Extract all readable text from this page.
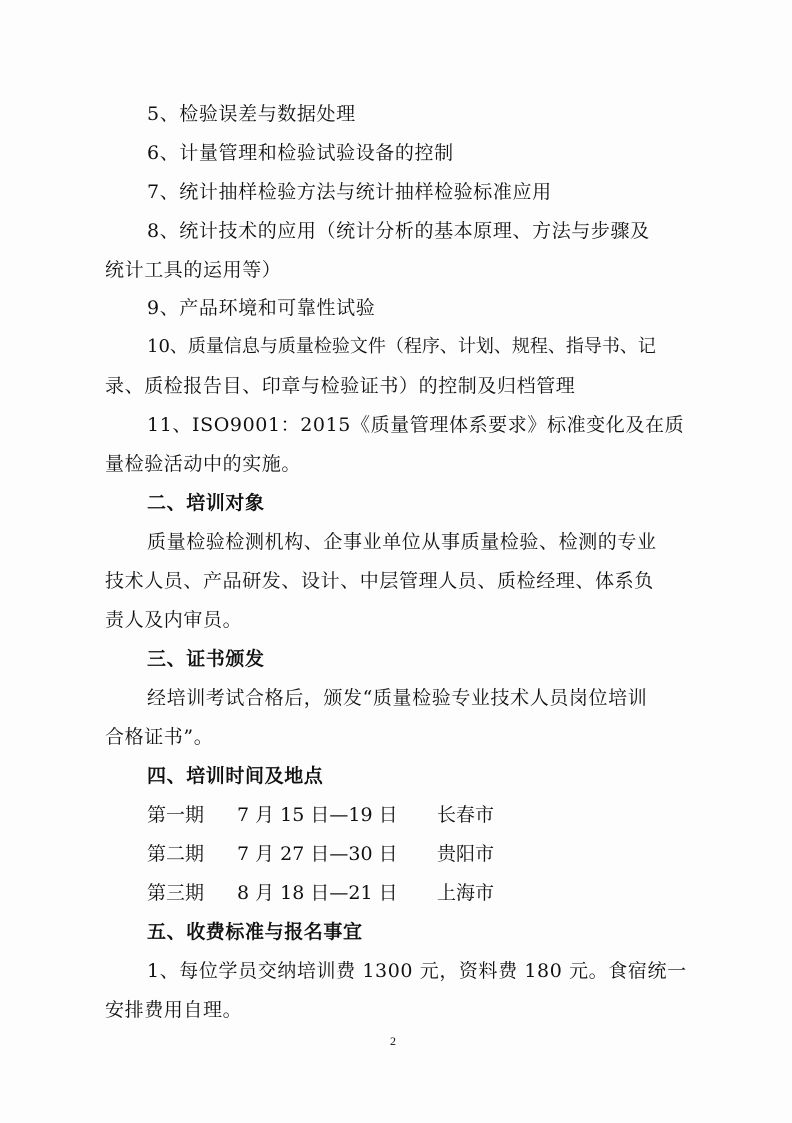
5、检验误差与数据处理
6、计量管理和检验试验设备的控制
7、统计抽样检验方法与统计抽样检验标准应用
8、统计技术的应用（统计分析的基本原理、方法与步骤及
统计工具的运用等）
9、产品环境和可靠性试验
10、质量信息与质量检验文件（程序、计划、规程、指导书、记
录、质检报告目、印章与检验证书）的控制及归档管理
11、ISO9001：2015《质量管理体系要求》标准变化及在质
量检验活动中的实施。
二、培训对象
质量检验检测机构、企事业单位从事质量检验、检测的专业
技术人员、产品研发、设计、中层管理人员、质检经理、体系负
责人及内审员。
三、证书颁发
经培训考试合格后，颁发“质量检验专业技术人员岗位培训
合格证书”。
四、培训时间及地点
第一期 7 月 15 日—19 日 长春市
第二期 7 月 27 日—30 日 贵阳市
第三期 8 月 18 日—21 日 上海市
五、收费标准与报名事宜
1、每位学员交纳培训费 1300 元，资料费 180 元。食宿统一
安排费用自理。
2
